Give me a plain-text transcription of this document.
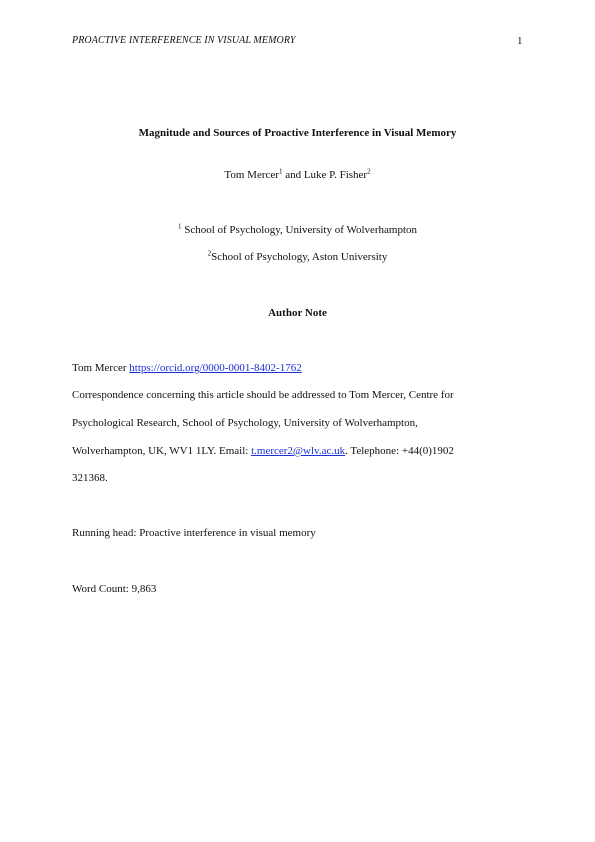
PROACTIVE INTERFERENCE IN VISUAL MEMORY	1

Magnitude and Sources of Proactive Interference in Visual Memory

Tom Mercer$^1$ and Luke P. Fisher$^2$

$^1$ School of Psychology, University of Wolverhampton

$^2$School of Psychology, Aston University

Author Note

Tom Mercer https://orcid.org/0000-0001-8402-1762

Correspondence concerning this article should be addressed to Tom Mercer, Centre for

Psychological Research, School of Psychology, University of Wolverhampton,

Wolverhampton, UK, WV1 1LY. Email: t.mercer2@wlv.ac.uk. Telephone: +44(0)1902

321368.

Running head: Proactive interference in visual memory

Word Count: 9,863
